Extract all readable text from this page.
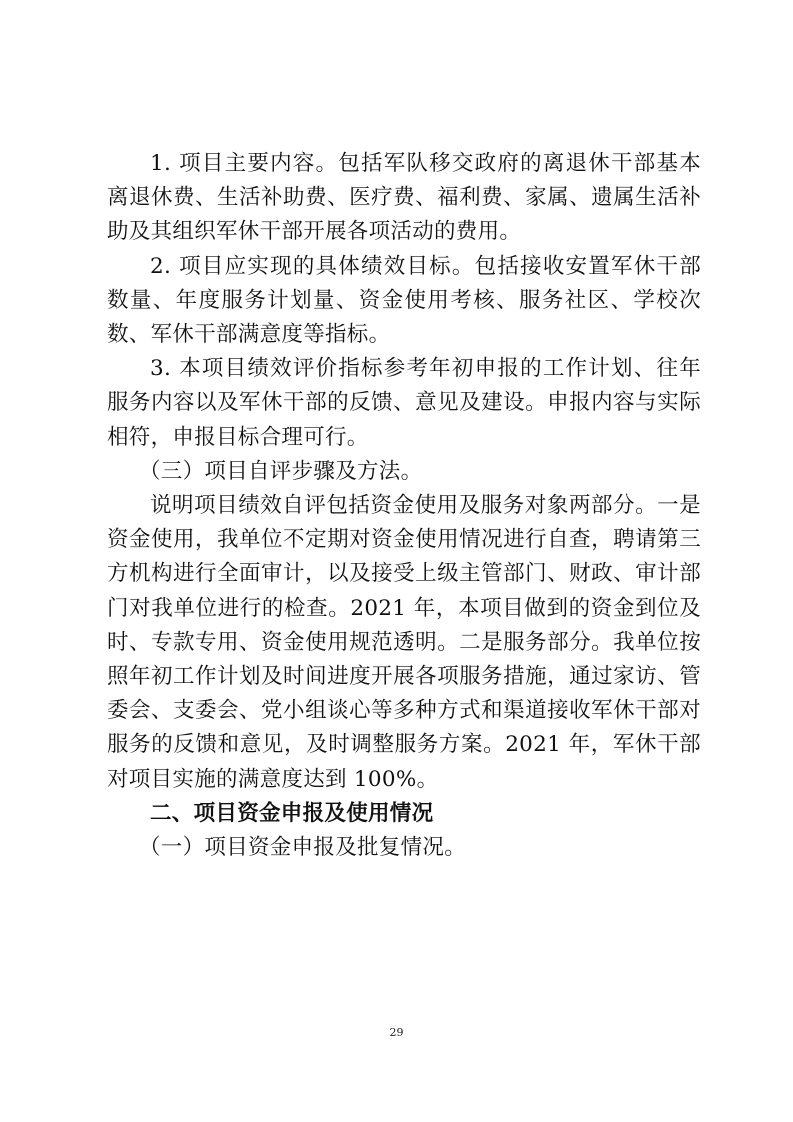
1. 项目主要内容。包括军队移交政府的离退休干部基本离退休费、生活补助费、医疗费、福利费、家属、遗属生活补助及其组织军休干部开展各项活动的费用。

2. 项目应实现的具体绩效目标。包括接收安置军休干部数量、年度服务计划量、资金使用考核、服务社区、学校次数、军休干部满意度等指标。

3. 本项目绩效评价指标参考年初申报的工作计划、往年服务内容以及军休干部的反馈、意见及建设。申报内容与实际相符，申报目标合理可行。

（三）项目自评步骤及方法。

说明项目绩效自评包括资金使用及服务对象两部分。一是资金使用，我单位不定期对资金使用情况进行自查，聘请第三方机构进行全面审计，以及接受上级主管部门、财政、审计部门对我单位进行的检查。2021 年，本项目做到的资金到位及时、专款专用、资金使用规范透明。二是服务部分。我单位按照年初工作计划及时间进度开展各项服务措施，通过家访、管委会、支委会、党小组谈心等多种方式和渠道接收军休干部对服务的反馈和意见，及时调整服务方案。2021 年，军休干部对项目实施的满意度达到 100%。

二、项目资金申报及使用情况

（一）项目资金申报及批复情况。

29
